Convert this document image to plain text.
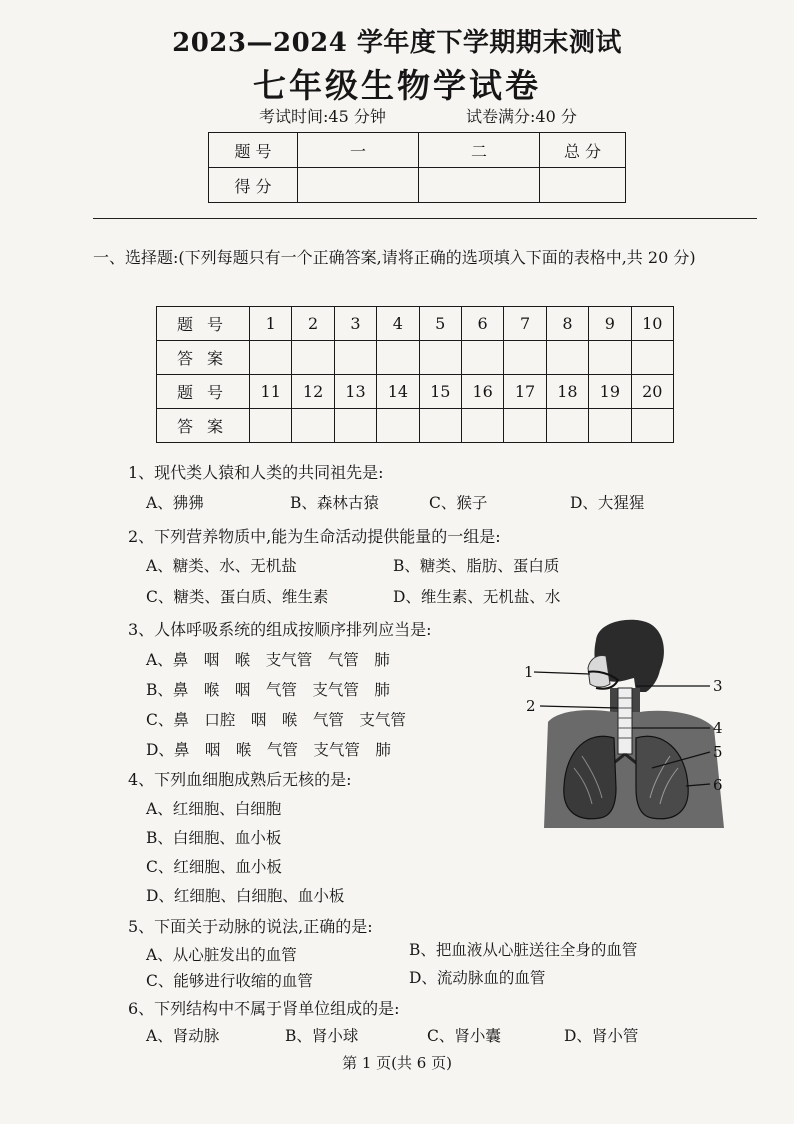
2023—2024 学年度下学期期末测试
七年级生物学试卷
考试时间:45 分钟	试卷满分:40 分
题 号	一	二	总 分
得 分			
一、选择题:(下列每题只有一个正确答案,请将正确的选项填入下面的表格中,共 20 分)
题号	1	2	3	4	5	6	7	8	9	10
答案										
题号	11	12	13	14	15	16	17	18	19	20
答案										
1、现代类人猿和人类的共同祖先是:
A、狒狒	B、森林古猿	C、猴子	D、大猩猩
2、下列营养物质中,能为生命活动提供能量的一组是:
A、糖类、水、无机盐	B、糖类、脂肪、蛋白质
C、糖类、蛋白质、维生素	D、维生素、无机盐、水
3、人体呼吸系统的组成按顺序排列应当是:
A、鼻　咽　喉　支气管　气管　肺
B、鼻　喉　咽　气管　支气管　肺
C、鼻　口腔　咽　喉　气管　支气管
D、鼻　咽　喉　气管　支气管　肺
4、下列血细胞成熟后无核的是:
A、红细胞、白细胞
B、白细胞、血小板
C、红细胞、血小板
D、红细胞、白细胞、血小板
5、下面关于动脉的说法,正确的是:
A、从心脏发出的血管	B、把血液从心脏送往全身的血管
C、能够进行收缩的血管	D、流动脉血的血管
6、下列结构中不属于肾单位组成的是:
A、肾动脉	B、肾小球	C、肾小囊	D、肾小管
1
2
3
4
5
6
第 1 页(共 6 页)
